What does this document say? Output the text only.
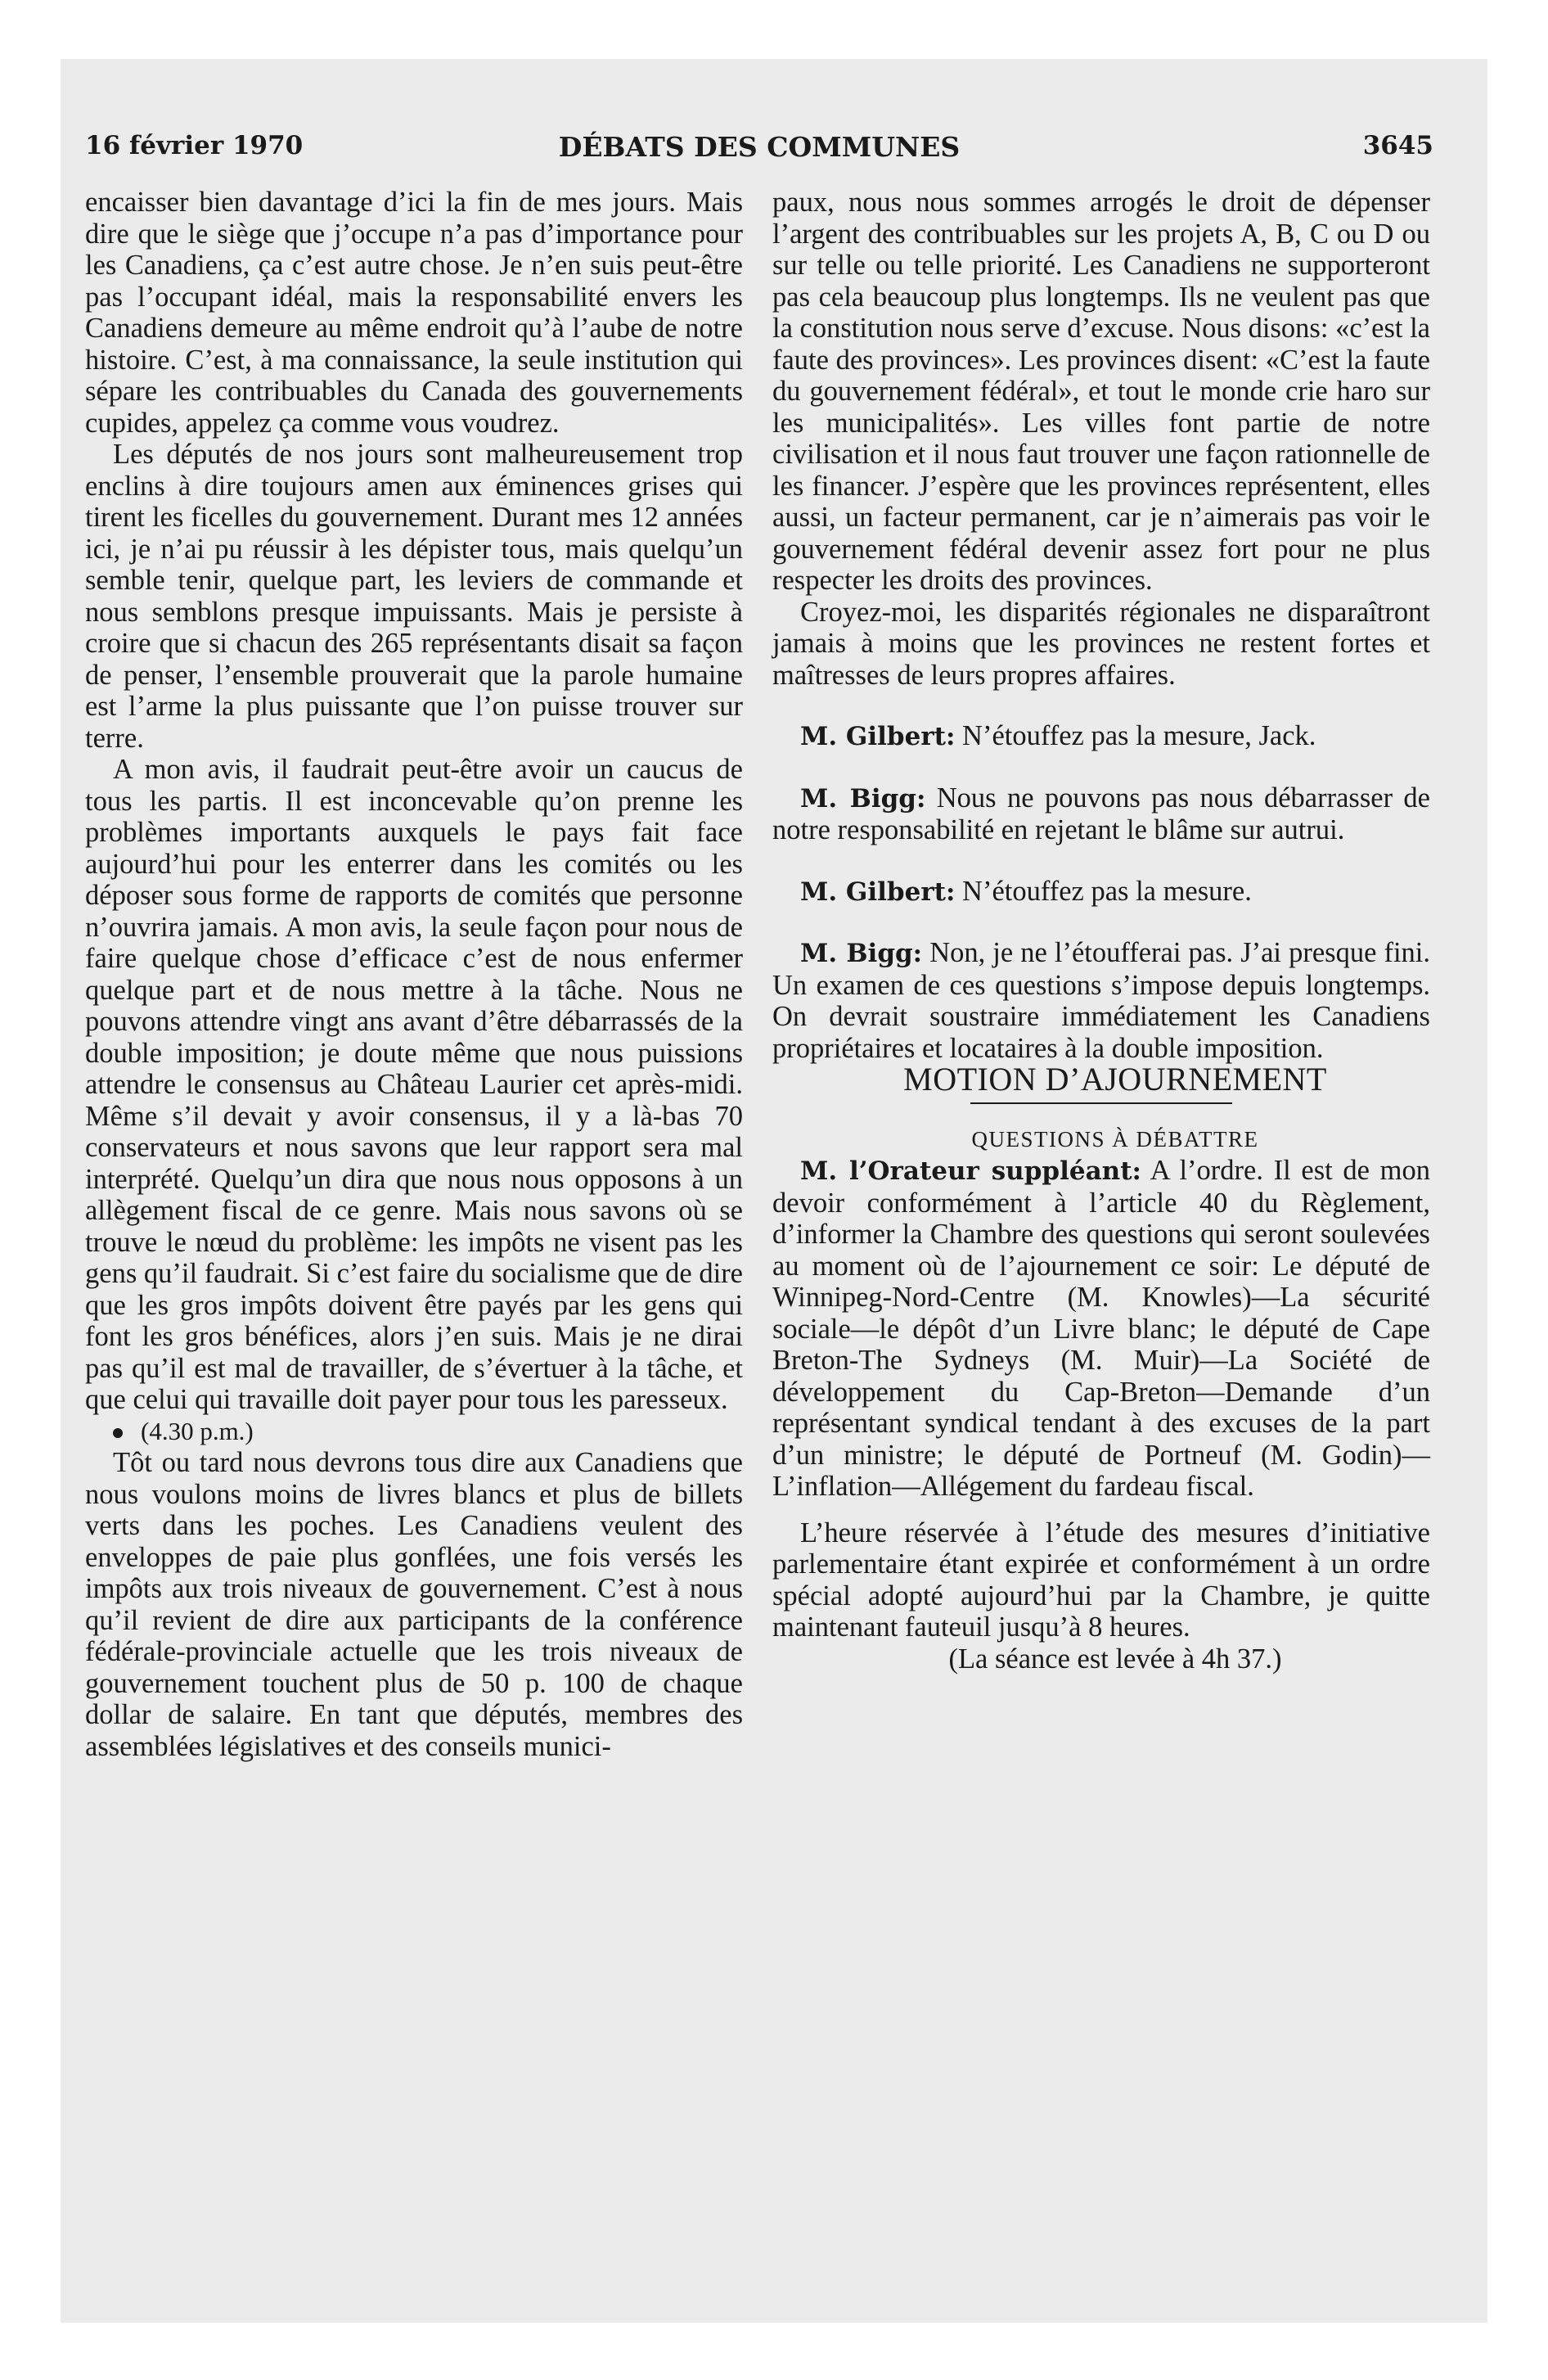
16 février 1970	DÉBATS DES COMMUNES	3645

encaisser bien davantage d’ici la fin de mes jours. Mais dire que le siège que j’occupe n’a pas d’importance pour les Canadiens, ça c’est autre chose. Je n’en suis peut-être pas l’occupant idéal, mais la responsabilité envers les Canadiens demeure au même endroit qu’à l’aube de notre histoire. C’est, à ma connaissance, la seule institution qui sépare les contribuables du Canada des gouvernements cupides, appelez ça comme vous voudrez.

Les députés de nos jours sont malheureusement trop enclins à dire toujours amen aux éminences grises qui tirent les ficelles du gouvernement. Durant mes 12 années ici, je n’ai pu réussir à les dépister tous, mais quelqu’un semble tenir, quelque part, les leviers de commande et nous semblons presque impuissants. Mais je persiste à croire que si chacun des 265 représentants disait sa façon de penser, l’ensemble prouverait que la parole humaine est l’arme la plus puissante que l’on puisse trouver sur terre.

A mon avis, il faudrait peut-être avoir un caucus de tous les partis. Il est inconcevable qu’on prenne les problèmes importants auxquels le pays fait face aujourd’hui pour les enterrer dans les comités ou les déposer sous forme de rapports de comités que personne n’ouvrira jamais. A mon avis, la seule façon pour nous de faire quelque chose d’efficace c’est de nous enfermer quelque part et de nous mettre à la tâche. Nous ne pouvons attendre vingt ans avant d’être débarrassés de la double imposition; je doute même que nous puissions attendre le consensus au Château Laurier cet après-midi. Même s’il devait y avoir consensus, il y a là-bas 70 conservateurs et nous savons que leur rapport sera mal interprété. Quelqu’un dira que nous nous opposons à un allègement fiscal de ce genre. Mais nous savons où se trouve le nœud du problème: les impôts ne visent pas les gens qu’il faudrait. Si c’est faire du socialisme que de dire que les gros impôts doivent être payés par les gens qui font les gros bénéfices, alors j’en suis. Mais je ne dirai pas qu’il est mal de travailler, de s’évertuer à la tâche, et que celui qui travaille doit payer pour tous les paresseux.

(4.30 p.m.)

Tôt ou tard nous devrons tous dire aux Canadiens que nous voulons moins de livres blancs et plus de billets verts dans les poches. Les Canadiens veulent des enveloppes de paie plus gonflées, une fois versés les impôts aux trois niveaux de gouvernement. C’est à nous qu’il revient de dire aux participants de la conférence fédérale-provinciale actuelle que les trois niveaux de gouvernement touchent plus de 50 p. 100 de chaque dollar de salaire. En tant que députés, membres des assemblées législatives et des conseils munici-

paux, nous nous sommes arrogés le droit de dépenser l’argent des contribuables sur les projets A, B, C ou D ou sur telle ou telle priorité. Les Canadiens ne supporteront pas cela beaucoup plus longtemps. Ils ne veulent pas que la constitution nous serve d’excuse. Nous disons: «c’est la faute des provinces». Les provinces disent: «C’est la faute du gouvernement fédéral», et tout le monde crie haro sur les municipalités». Les villes font partie de notre civilisation et il nous faut trouver une façon rationnelle de les financer. J’espère que les provinces représentent, elles aussi, un facteur permanent, car je n’aimerais pas voir le gouvernement fédéral devenir assez fort pour ne plus respecter les droits des provinces.

Croyez-moi, les disparités régionales ne disparaîtront jamais à moins que les provinces ne restent fortes et maîtresses de leurs propres affaires.

M. Gilbert: N’étouffez pas la mesure, Jack.

M. Bigg: Nous ne pouvons pas nous débarrasser de notre responsabilité en rejetant le blâme sur autrui.

M. Gilbert: N’étouffez pas la mesure.

M. Bigg: Non, je ne l’étoufferai pas. J’ai presque fini. Un examen de ces questions s’impose depuis longtemps. On devrait soustraire immédiatement les Canadiens propriétaires et locataires à la double imposition.

MOTION D’AJOURNEMENT

QUESTIONS À DÉBATTRE

M. l’Orateur suppléant: A l’ordre. Il est de mon devoir conformément à l’article 40 du Règlement, d’informer la Chambre des questions qui seront soulevées au moment où de l’ajournement ce soir: Le député de Winnipeg-Nord-Centre (M. Knowles)—La sécurité sociale—le dépôt d’un Livre blanc; le député de Cape Breton-The Sydneys (M. Muir)—La Société de développement du Cap-Breton—Demande d’un représentant syndical tendant à des excuses de la part d’un ministre; le député de Portneuf (M. Godin)—L’inflation—Allégement du fardeau fiscal.

L’heure réservée à l’étude des mesures d’initiative parlementaire étant expirée et conformément à un ordre spécial adopté aujourd’hui par la Chambre, je quitte maintenant fauteuil jusqu’à 8 heures.

(La séance est levée à 4h 37.)
